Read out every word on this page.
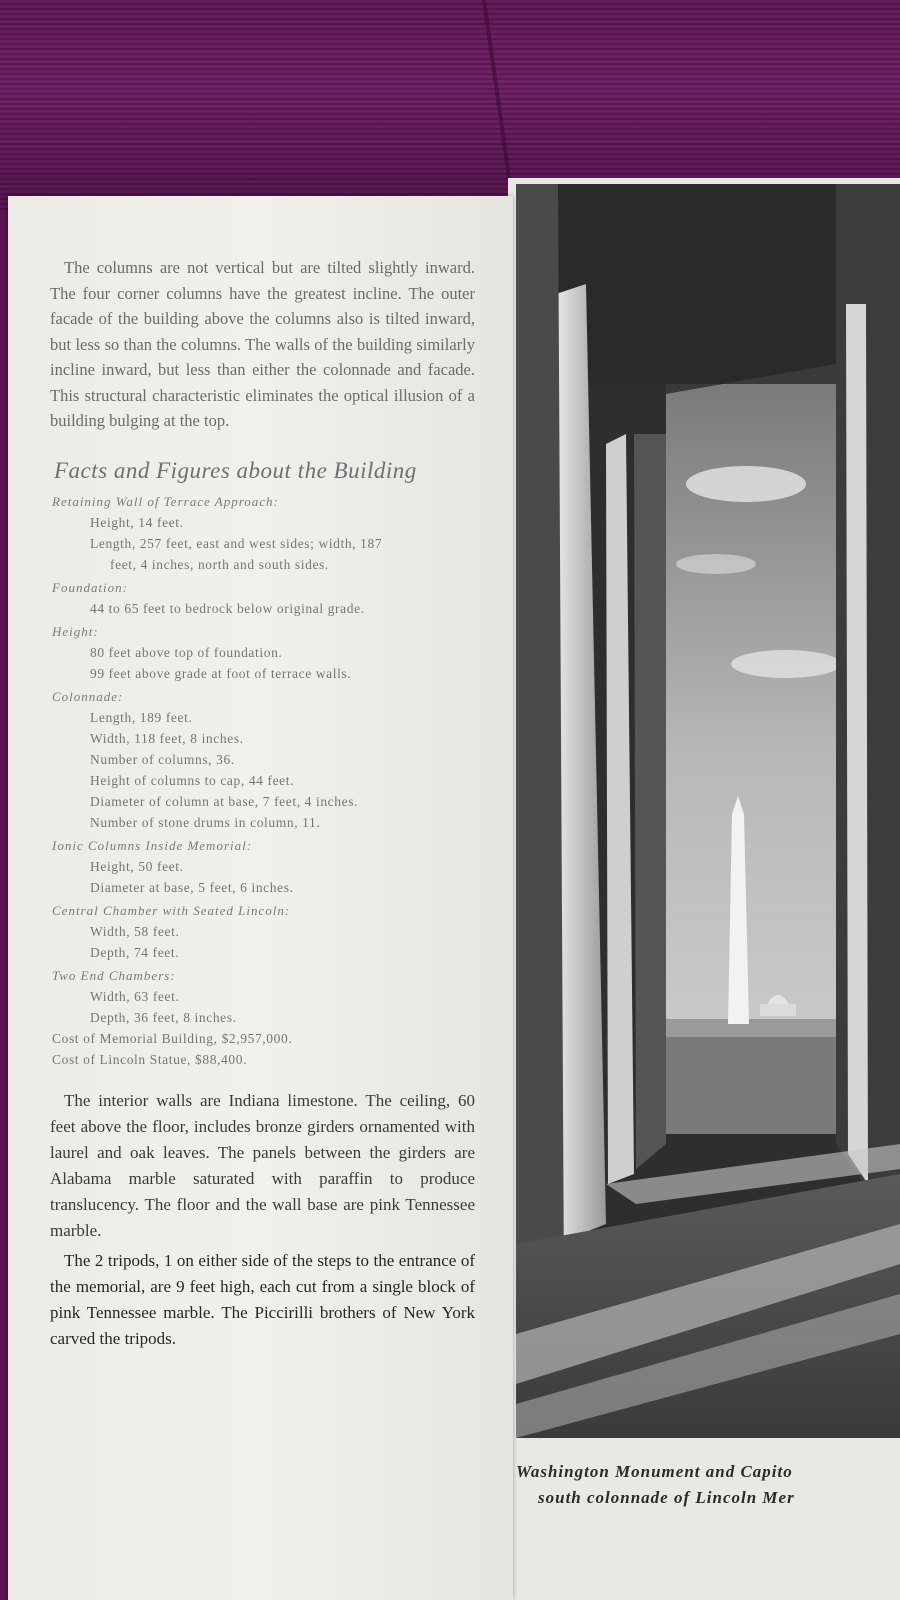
The columns are not vertical but are tilted slightly inward. The four corner columns have the greatest incline. The outer facade of the building above the columns also is tilted inward, but less so than the columns. The walls of the building similarly incline inward, but less than either the colonnade and facade. This structural characteristic eliminates the optical illusion of a building bulging at the top.

Facts and Figures about the Building
Retaining Wall of Terrace Approach:
Height, 14 feet.
Length, 257 feet, east and west sides; width, 187
feet, 4 inches, north and south sides.
Foundation:
44 to 65 feet to bedrock below original grade.
Height:
80 feet above top of foundation.
99 feet above grade at foot of terrace walls.
Colonnade:
Length, 189 feet.
Width, 118 feet, 8 inches.
Number of columns, 36.
Height of columns to cap, 44 feet.
Diameter of column at base, 7 feet, 4 inches.
Number of stone drums in column, 11.
Ionic Columns Inside Memorial:
Height, 50 feet.
Diameter at base, 5 feet, 6 inches.
Central Chamber with Seated Lincoln:
Width, 58 feet.
Depth, 74 feet.
Two End Chambers:
Width, 63 feet.
Depth, 36 feet, 8 inches.
Cost of Memorial Building, $2,957,000.
Cost of Lincoln Statue, $88,400.

The interior walls are Indiana limestone. The ceiling, 60 feet above the floor, includes bronze girders ornamented with laurel and oak leaves. The panels between the girders are Alabama marble saturated with paraffin to produce translucency. The floor and the wall base are pink Tennessee marble.

The 2 tripods, 1 on either side of the steps to the entrance of the memorial, are 9 feet high, each cut from a single block of pink Tennessee marble. The Piccirilli brothers of New York carved the tripods.

Washington Monument and Capito
south colonnade of Lincoln Mer
